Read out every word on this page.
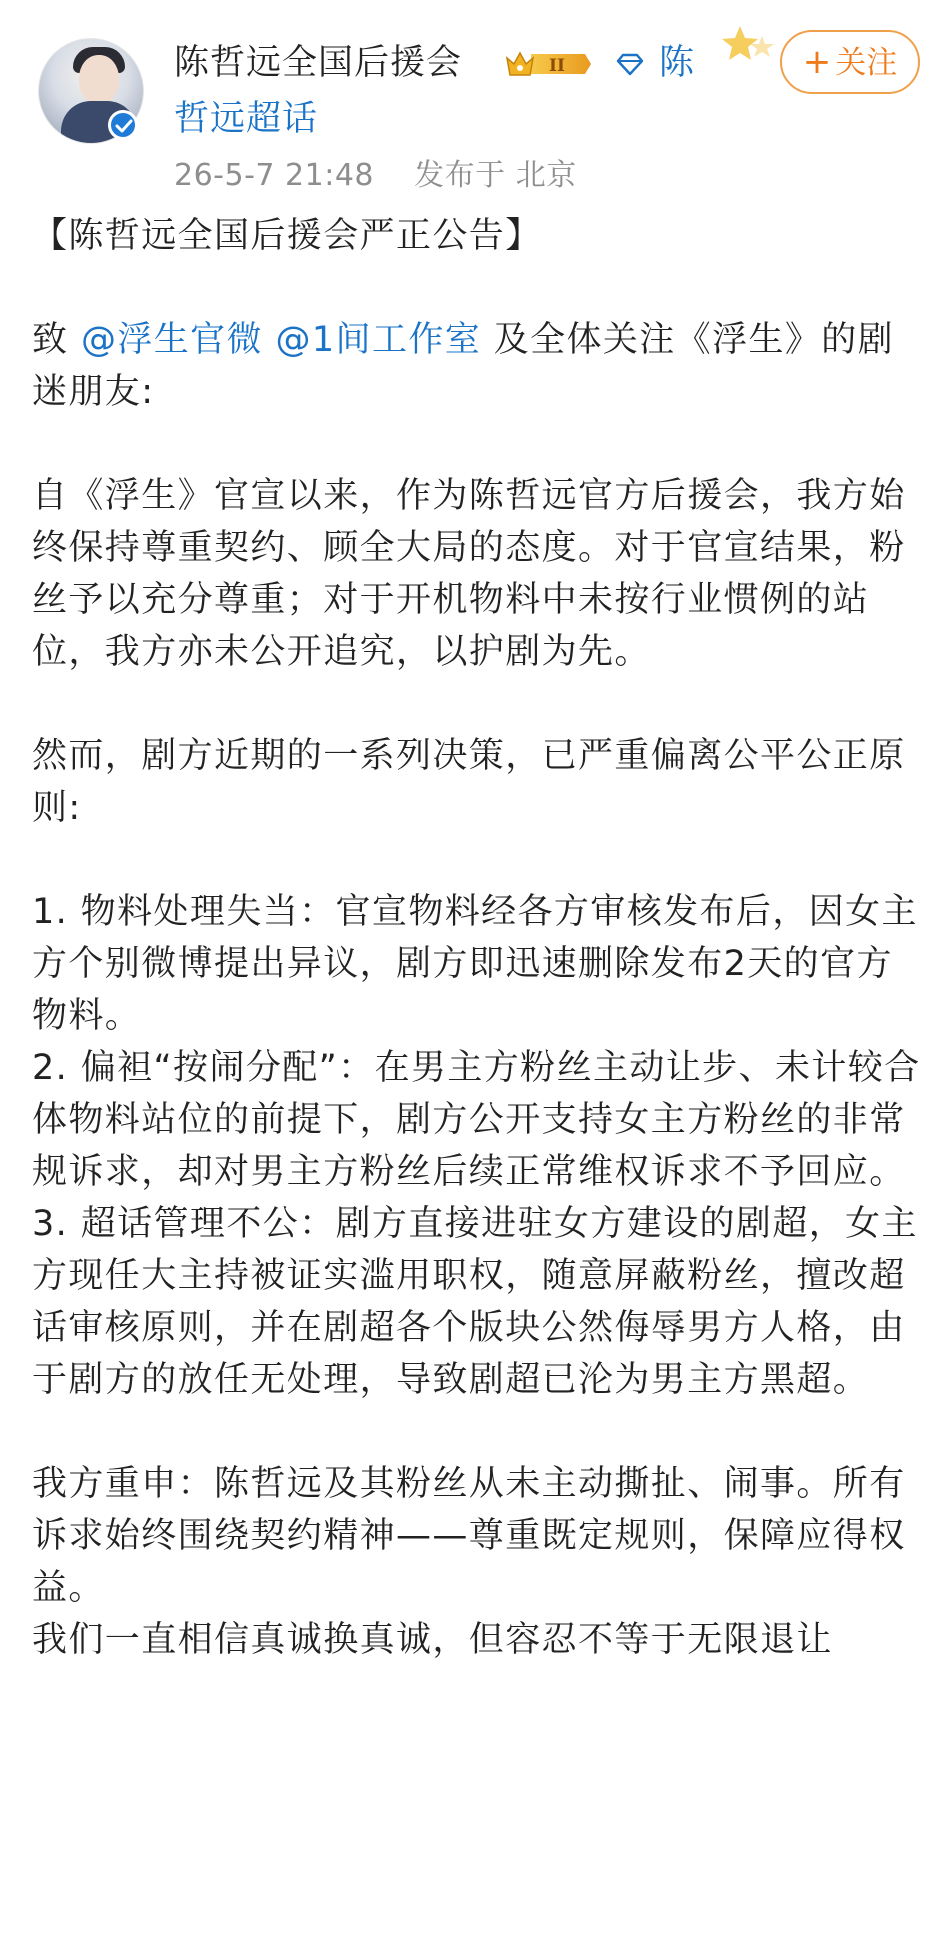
陈哲远全国后援会	II	陈
哲远超话
26-5-7 21:48 发布于 北京
+ 关注

【陈哲远全国后援会严正公告】

致 @浮生官微 @1间工作室 及全体关注《浮生》的剧迷朋友:

自《浮生》官宣以来，作为陈哲远官方后援会，我方始终保持尊重契约、顾全大局的态度。对于官宣结果，粉丝予以充分尊重；对于开机物料中未按行业惯例的站位，我方亦未公开追究，以护剧为先。

然而，剧方近期的一系列决策，已严重偏离公平公正原则:

1. 物料处理失当：官宣物料经各方审核发布后，因女主方个别微博提出异议，剧方即迅速删除发布2天的官方物料。

2. 偏袒“按闹分配”：在男主方粉丝主动让步、未计较合体物料站位的前提下，剧方公开支持女主方粉丝的非常规诉求，却对男主方粉丝后续正常维权诉求不予回应。

3. 超话管理不公：剧方直接进驻女方建设的剧超，女主方现任大主持被证实滥用职权，随意屏蔽粉丝，擅改超话审核原则，并在剧超各个版块公然侮辱男方人格，由于剧方的放任无处理，导致剧超已沦为男主方黑超。

我方重申：陈哲远及其粉丝从未主动撕扯、闹事。所有诉求始终围绕契约精神——尊重既定规则，保障应得权益。

我们一直相信真诚换真诚，但容忍不等于无限退让
